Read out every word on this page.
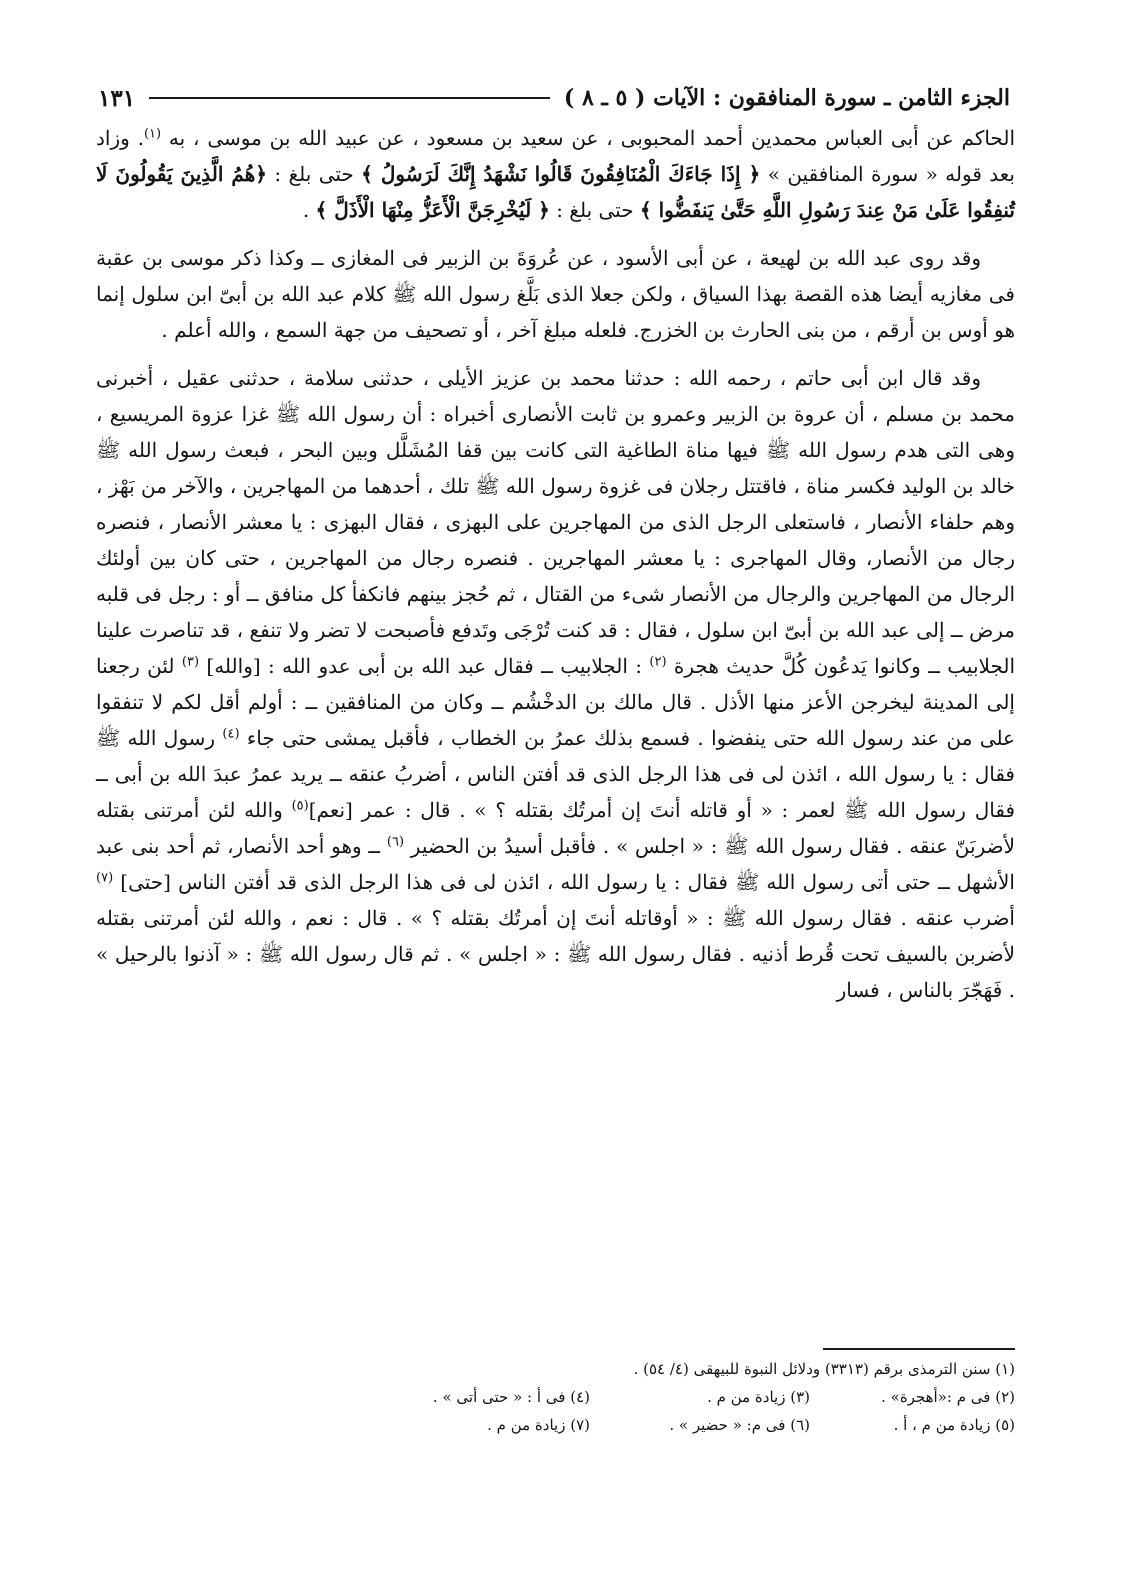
الجزء الثامن ـ سورة المنافقون : الآيات ( ٥ ـ ٨ )
١٣١

الحاكم عن أبى العباس محمدين أحمد المحبوبى ، عن سعيد بن مسعود ، عن عبيد الله بن موسى ، به $^{(١)}$. وزاد بعد قوله « سورة المنافقين » ﴿ إِذَا جَاءَكَ الْمُنَافِقُونَ قَالُوا نَشْهَدُ إِنَّكَ لَرَسُولُ ﴾ حتى بلغ : ﴿هُمُ الَّذِينَ يَقُولُونَ لَا تُنفِقُوا عَلَىٰ مَنْ عِندَ رَسُولِ اللَّهِ حَتَّىٰ يَنفَضُّوا ﴾ حتى بلغ : ﴿ لَيُخْرِجَنَّ الْأَعَزُّ مِنْهَا الْأَذَلَّ ﴾ .

وقد روى عبد الله بن لهيعة ، عن أبى الأسود ، عن عُروَةَ بن الزبير فى المغازى ــ وكذا ذكر موسى بن عقبة فى مغازيه أيضا هذه القصة بهذا السياق ، ولكن جعلا الذى بَلَّغ رسول الله ﷺ كلام عبد الله بن أبىّ ابن سلول إنما هو أوس بن أرقم ، من بنى الحارث بن الخزرج. فلعله مبلغ آخر ، أو تصحيف من جهة السمع ، والله أعلم .

وقد قال ابن أبى حاتم ، رحمه الله : حدثنا محمد بن عزيز الأيلى ، حدثنى سلامة ، حدثنى عقيل ، أخبرنى محمد بن مسلم ، أن عروة بن الزبير وعمرو بن ثابت الأنصارى أخبراه : أن رسول الله ﷺ غزا عزوة المريسيع ، وهى التى هدم رسول الله ﷺ فيها مناة الطاغية التى كانت بين قفا المُشَلَّل وبين البحر ، فبعث رسول الله ﷺ خالد بن الوليد فكسر مناة ، فاقتتل رجلان فى غزوة رسول الله ﷺ تلك ، أحدهما من المهاجرين ، والآخر من بَهْز ، وهم حلفاء الأنصار ، فاستعلى الرجل الذى من المهاجرين على البهزى ، فقال البهزى : يا معشر الأنصار ، فنصره رجال من الأنصار، وقال المهاجرى : يا معشر المهاجرين . فنصره رجال من المهاجرين ، حتى كان بين أولئك الرجال من المهاجرين والرجال من الأنصار شىء من القتال ، ثم حُجز بينهم فانكفأ كل منافق ــ أو : رجل فى قلبه مرض ــ إلى عبد الله بن أبىّ ابن سلول ، فقال : قد كنت تُرْجَى وتَدفع فأصبحت لا تضر ولا تنفع ، قد تناصرت علينا الجلابيب ــ وكانوا يَدعُون كُلَّ حديث هجرة $^{(٢)}$ : الجلابيب ــ فقال عبد الله بن أبى عدو الله : [والله] $^{(٣)}$ لئن رجعنا إلى المدينة ليخرجن الأعز منها الأذل . قال مالك بن الدخْشُم ــ وكان من المنافقين ــ : أولم أقل لكم لا تنفقوا على من عند رسول الله حتى ينفضوا . فسمع بذلك عمرُ بن الخطاب ، فأقبل يمشى حتى جاء $^{(٤)}$ رسول الله ﷺ فقال : يا رسول الله ، ائذن لى فى هذا الرجل الذى قد أفتن الناس ، أضربُ عنقه ــ يريد عمرُ عبدَ الله بن أبى ــ فقال رسول الله ﷺ لعمر : « أو قاتله أنتَ إن أمرتُك بقتله ؟ » . قال : عمر [نعم]$^{(٥)}$ والله لئن أمرتنى بقتله لأضربَنّ عنقه . فقال رسول الله ﷺ : « اجلس » . فأقبل أسيدُ بن الحضير $^{(٦)}$ ــ وهو أحد الأنصار، ثم أحد بنى عبد الأشهل ــ حتى أتى رسول الله ﷺ فقال : يا رسول الله ، ائذن لى فى هذا الرجل الذى قد أفتن الناس [حتى] $^{(٧)}$ أضرب عنقه . فقال رسول الله ﷺ : « أوقاتله أنتَ إن أمرتُك بقتله ؟ » . قال : نعم ، والله لئن أمرتنى بقتله لأضربن بالسيف تحت قُرط أذنيه . فقال رسول الله ﷺ : « اجلس » . ثم قال رسول الله ﷺ : « آذنوا بالرحيل » . فَهَجّرَ بالناس ، فسار

(١) سنن الترمذى برقم (٣٣١٣) ودلائل النبوة للبيهقى (٤/ ٥٤) .
(٢) فى م :«أهجرة» .
(٣) زيادة من م .
(٤) فى أ : « حتى أتى » .
(٥) زيادة من م ، أ .
(٦) فى م: « حضير » .
(٧) زيادة من م .
